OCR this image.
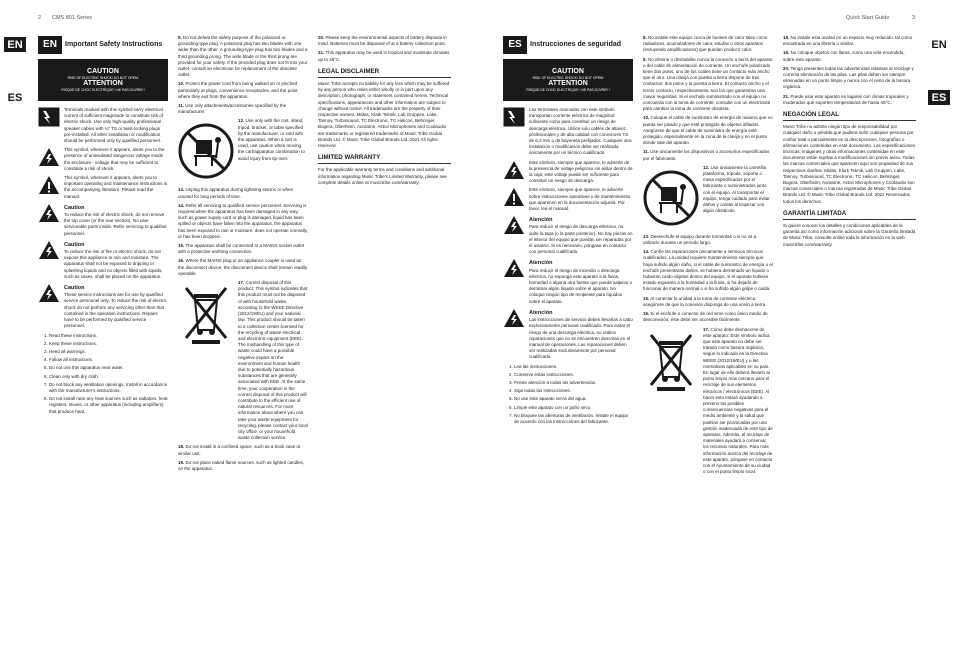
2 CMS 801 Series
EN
ES
EN	Important Safety Instructions
CAUTION
RISK OF ELECTRIC SHOCK! DO NOT OPEN!
ATTENTION
RISQUE DE CHOC ELECTRIQUE ! NE PAS OUVRIR !
Terminals marked with this symbol carry electrical current of sufficient magnitude to constitute risk of electric shock. Use only high-quality professional speaker cables with ¼" TS or twist-locking plugs pre-installed. All other installation or modification should be performed only by qualified personnel.
This symbol, wherever it appears, alerts you to the presence of uninsulated dangerous voltage inside the enclosure - voltage that may be sufficient to constitute a risk of shock.
This symbol, wherever it appears, alerts you to important operating and maintenance instructions in the accompanying literature. Please read the manual.
Caution
To reduce the risk of electric shock, do not remove the top cover (or the rear section). No user serviceable parts inside. Refer servicing to qualified personnel.
Caution
To reduce the risk of fire or electric shock, do not expose this appliance to rain and moisture. The apparatus shall not be exposed to dripping or splashing liquids and no objects filled with liquids, such as vases, shall be placed on the apparatus.
Caution
These service instructions are for use by qualified service personnel only. To reduce the risk of electric shock do not perform any servicing other than that contained in the operation instructions. Repairs have to be performed by qualified service personnel.
1. Read these instructions.
2. Keep these instructions.
3. Heed all warnings.
4. Follow all instructions.
5. Do not use this apparatus near water.
6. Clean only with dry cloth.
7. Do not block any ventilation openings. Install in accordance with the manufacturer's instructions.
8. Do not install near any heat sources such as radiators, heat registers, stoves, or other apparatus (including amplifiers) that produce heat.

9. Do not defeat the safety purpose of the polarized or grounding-type plug. A polarized plug has two blades with one wider than the other. A grounding-type plug has two blades and a third grounding prong. The wide blade or the third prong are provided for your safety. If the provided plug does not fit into your outlet, consult an electrician for replacement of the obsolete outlet.

10. Protect the power cord from being walked on or pinched particularly at plugs, convenience receptacles, and the point where they exit from the apparatus.

11. Use only attachments/accessories specified by the manufacturer.

12. Use only with the cart, stand, tripod, bracket, or table specified by the manufacturer, or sold with the apparatus. When a cart is used, use caution when moving the cart/apparatus combination to avoid injury from tip-over.

13. Unplug this apparatus during lightning storms or when unused for long periods of time.

14. Refer all servicing to qualified service personnel. Servicing is required when the apparatus has been damaged in any way, such as power supply cord or plug is damaged, liquid has been spilled or objects have fallen into the apparatus, the apparatus has been exposed to rain or moisture, does not operate normally, or has been dropped.

15. The apparatus shall be connected to a MAINS socket outlet with a protective earthing connection.

16. Where the MAINS plug or an appliance coupler is used as the disconnect device, the disconnect device shall remain readily operable.

17. Correct disposal of this product: This symbol indicates that this product must not be disposed of with household waste, according to the WEEE Directive (2012/19/EU) and your national law. This product should be taken to a collection center licensed for the recycling of waste electrical and electronic equipment (EEE). The mishandling of this type of waste could have a possible negative impact on the environment and human health due to potentially hazardous substances that are generally associated with EEE. At the same time, your cooperation in the correct disposal of this product will contribute to the efficient use of natural resources. For more information about where you can take your waste equipment for recycling, please contact your local city office, or your household waste collection service.

18. Do not install in a confined space, such as a book case or similar unit.

19. Do not place naked flame sources, such as lighted candles, on the apparatus.

20. Please keep the environmental aspects of battery disposal in mind. Batteries must be disposed-of at a battery collection point.

21. This apparatus may be used in tropical and moderate climates up to 45°C.

LEGAL DISCLAIMER

Music Tribe accepts no liability for any loss which may be suffered by any person who relies either wholly or in part upon any description, photograph, or statement contained herein. Technical specifications, appearances and other information are subject to change without notice. All trademarks are the property of their respective owners. Midas, Klark Teknik, Lab Gruppen, Lake, Tannoy, Turbosound, TC Electronic, TC Helicon, Behringer, Bugera, Oberheim, Auratone, Aston Microphones and Coolaudio are trademarks or registered trademarks of Music Tribe Global Brands Ltd. © Music Tribe Global Brands Ltd. 2021 All rights reserved.

LIMITED WARRANTY

For the applicable warranty terms and conditions and additional information regarding Music Tribe's Limited Warranty, please see complete details online at musictribe.com/warranty.

Quick Start Guide	3
EN
ES
ES	Instrucciones de seguridad
CAUTION
RISK OF ELECTRIC SHOCK! DO NOT OPEN!
ATTENTION
RISQUE DE CHOC ELECTRIQUE ! NE PAS OUVRIR !
Las terminales marcadas con este símbolo transportan corriente eléctrica de magnitud suficiente como para constituir un riesgo de descarga eléctrica. Utilice solo cables de altavoz profesionales y de alta calidad con conectores TS de 6,3 mm o de bayoneta prefijados. Cualquier otra instalación o modificación debe ser realizada únicamente por un técnico cualificado.
Este símbolo, siempre que aparece, le advierte de la presencia de voltaje peligroso sin aislar dentro de la caja; este voltaje puede ser suficiente para constituir un riesgo de descarga.
Este símbolo, siempre que aparece, le advierte sobre instrucciones operativas y de mantenimiento que aparecen en la documentación adjunta. Por favor, lea el manual.
Atención
Para reducir el riesgo de descarga eléctrica, no quite la tapa (o la parte posterior). No hay piezas en el interior del equipo que puedan ser reparadas por el usuario. Si es necesario, póngase en contacto con personal cualificado.
Atención
Para reducir el riesgo de incendio o descarga eléctrica, no exponga este aparato a la lluvia, humedad o alguna otra fuente que pueda salpicar o derramar algún líquido sobre el aparato. No coloque ningún tipo de recipiente para líquidos sobre el aparato.
Atención
Las instrucciones de servicio deben llevarlas a cabo exclusivamente personal cualificado. Para evitar el riesgo de una descarga eléctrica, no realice reparaciones que no se encuentren descritas en el manual de operaciones. Las reparaciones deben ser realizadas exclusivamente por personal cualificado.
1. Lea las instrucciones.
2. Conserve estas instrucciones.
3. Preste atención a todas las advertencias.
4. Siga todas las instrucciones.
5. No use este aparato cerca del agua.
6. Limpie este aparato con un paño seco.
7. No bloquee las aberturas de ventilación. Instale el equipo de acuerdo con las instrucciones del fabricante.

8. No instale este equipo cerca de fuentes de calor tales como radiadores, acumuladores de calor, estufas u otros aparatos (incluyendo amplificadores) que puedan producir calor.

9. No elimine o deshabilite nunca la conexión a tierra del aparato o del cable de alimentación de corriente. Un enchufe polarizado tiene dos polos, uno de los cuales tiene un contacto más ancho que el otro. Una clavija con puesta a tierra dispone de tres contactos: dos polos y la puesta a tierra. El contacto ancho y el tercer contacto, respectivamente, son los que garantizan una mayor seguridad. Si el enchufe suministrado con el equipo no concuerda con la toma de corriente, consulte con un electricista para cambiar la toma de corriente obsoleta.

10. Coloque el cable de suministro de energía de manera que no pueda ser pisado y que esté protegido de objetos afilados. Asegúrese de que el cable de suministro de energía esté protegido, especialmente en la zona de la clavija y en el punto donde sale del aparato.

11. Use únicamente los dispositivos o accesorios especificados por el fabricante.

12. Use únicamente la carretilla, plataforma, trípode, soporte o mesa especificados por el fabricante o suministrados junto con el equipo. Al transportar el equipo, tenga cuidado para evitar daños y caídas al tropezar con algún obstáculo.

13. Desenchufe el equipo durante tormentas o si no va a utilizarlo durante un periodo largo.

14. Confíe las reparaciones únicamente a servicios técnicos cualificados. La unidad requiere mantenimiento siempre que haya sufrido algún daño, si el cable de suministro de energía o el enchufe presentaran daños, se hubiera derramado un líquido o hubieran caído objetos dentro del equipo, si el aparato hubiera estado expuesto a la humedad o la lluvia, si ha dejado de funcionar de manera normal o si ha sufrido algún golpe o caída.

15. Al conectar la unidad a la toma de corriente eléctrica asegúrese de que la conexión disponga de una unión a tierra.

16. Si el enchufe o conector de red sirve como único medio de desconexión, éste debe ser accesible fácilmente.

17. Cómo debe deshacerse de este aparato: Este símbolo indica que este aparato no debe ser tratado como basura orgánica, según lo indicado en la Directiva WEEE (2012/19/EU) y a las normativas aplicables en su país. En lugar de ello deberá llevarlo al punto limpio más cercano para el reciclaje de sus elementos eléctricos / electrónicos (EEE). Al hacer esto estará ayudando a prevenir las posibles consecuencias negativas para el medio ambiente y la salud que podrían ser provocadas por una gestión inadecuada de este tipo de aparatos. Además, el reciclaje de materiales ayudará a conservar los recursos naturales. Para más información acerca del reciclaje de este aparato, póngase en contacto con el Ayuntamiento de su ciudad o con el punto limpio local.

18. No instale esta unidad en un espacio muy reducido, tal como encastrada en una librería o similar.

19. No coloque objetos con llama, como una vela encendida, sobre este aparato.

20. Tenga presentes todas las advertencias relativas al reciclaje y correcta eliminación de las pilas. Las pilas deben ser siempre eliminadas en un punto limpio y nunca con el resto de la basura orgánica.

21. Puede usar este aparato en lugares con climas tropicales y moderados que soporten temperaturas de hasta 45°C.

NEGACIÓN LEGAL

Music Tribe no admite ningún tipo de responsabilidad por cualquier daño o pérdida que pudiera sufrir cualquier persona por confiar total o parcialmente en la descripciones, fotografías o afirmaciones contenidas en este documento. Las especificaciones técnicas, imágenes y otras informaciones contenidas en este documento están sujetas a modificaciones sin previo aviso. Todas las marcas comerciales que aparecen aquí son propiedad de sus respectivos dueños. Midas, Klark Teknik, Lab Gruppen, Lake, Tannoy, Turbosound, TC Electronic, TC Helicon, Behringer, Bugera, Oberheim, Auratone, Aston Microphones y Coolaudio son marcas comerciales o marcas registradas de Music Tribe Global Brands Ltd. © Music Tribe Global Brands Ltd. 2021 Reservados todos los derechos.

GARANTÍA LIMITADA

Si quiere conocer los detalles y condiciones aplicables de la garantía así como información adicional sobre la Garantía limitada de Music Tribe, consulte online toda la información en la web musictribe.com/warranty.
